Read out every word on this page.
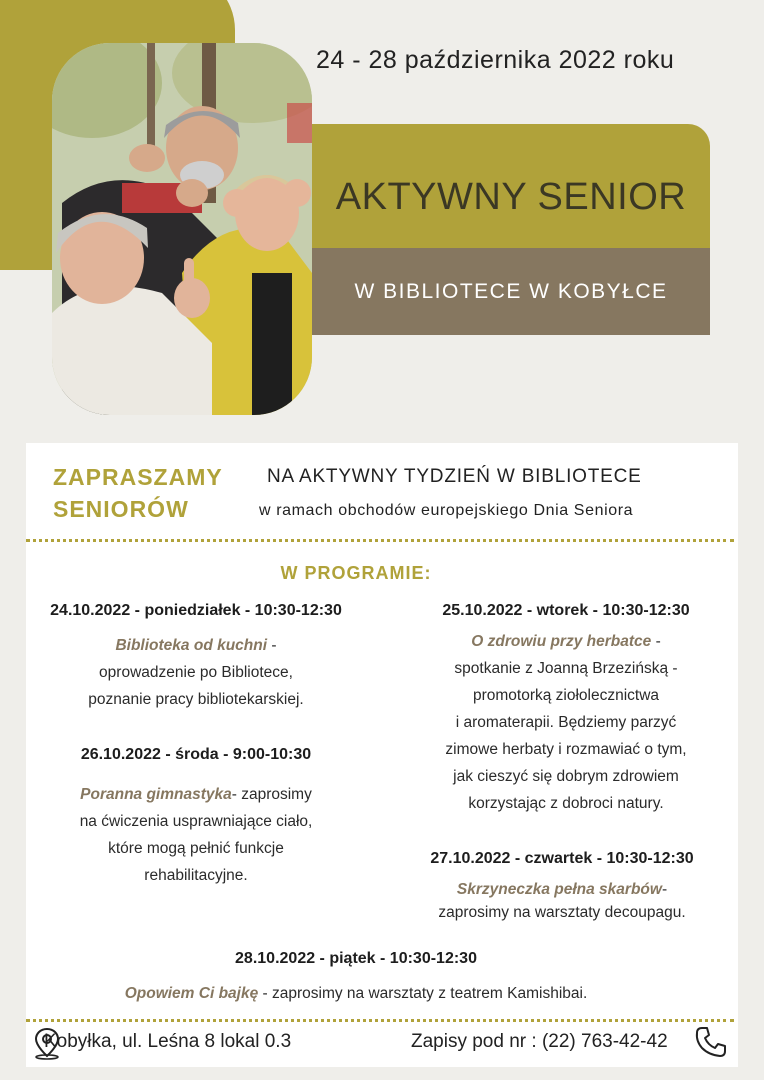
24 - 28 października 2022 roku
AKTYWNY SENIOR
W BIBLIOTECE W KOBYŁCE
ZAPRASZAMY
SENIORÓW
NA AKTYWNY TYDZIEŃ W BIBLIOTECE
w ramach obchodów europejskiego Dnia Seniora
W PROGRAMIE:
24.10.2022 - poniedziałek - 10:30-12:30
Biblioteka od kuchni -
oprowadzenie po Bibliotece,
poznanie pracy bibliotekarskiej.
25.10.2022 - wtorek - 10:30-12:30
O zdrowiu przy herbatce -
spotkanie z Joanną Brzezińską -
promotorką ziołolecznictwa
i aromaterapii. Będziemy parzyć
zimowe herbaty i rozmawiać o tym,
jak cieszyć się dobrym zdrowiem
korzystając z dobroci natury.
26.10.2022 - środa - 9:00-10:30
Poranna gimnastyka- zaprosimy
na ćwiczenia usprawniające ciało,
które mogą pełnić funkcje
rehabilitacyjne.
27.10.2022 - czwartek - 10:30-12:30
Skrzyneczka pełna skarbów-
zaprosimy na warsztaty decoupagu.
28.10.2022 - piątek - 10:30-12:30
Opowiem Ci bajkę - zaprosimy na warsztaty z teatrem Kamishibai.
Kobyłka, ul. Leśna 8 lokal 0.3	Zapisy pod nr : (22) 763-42-42
